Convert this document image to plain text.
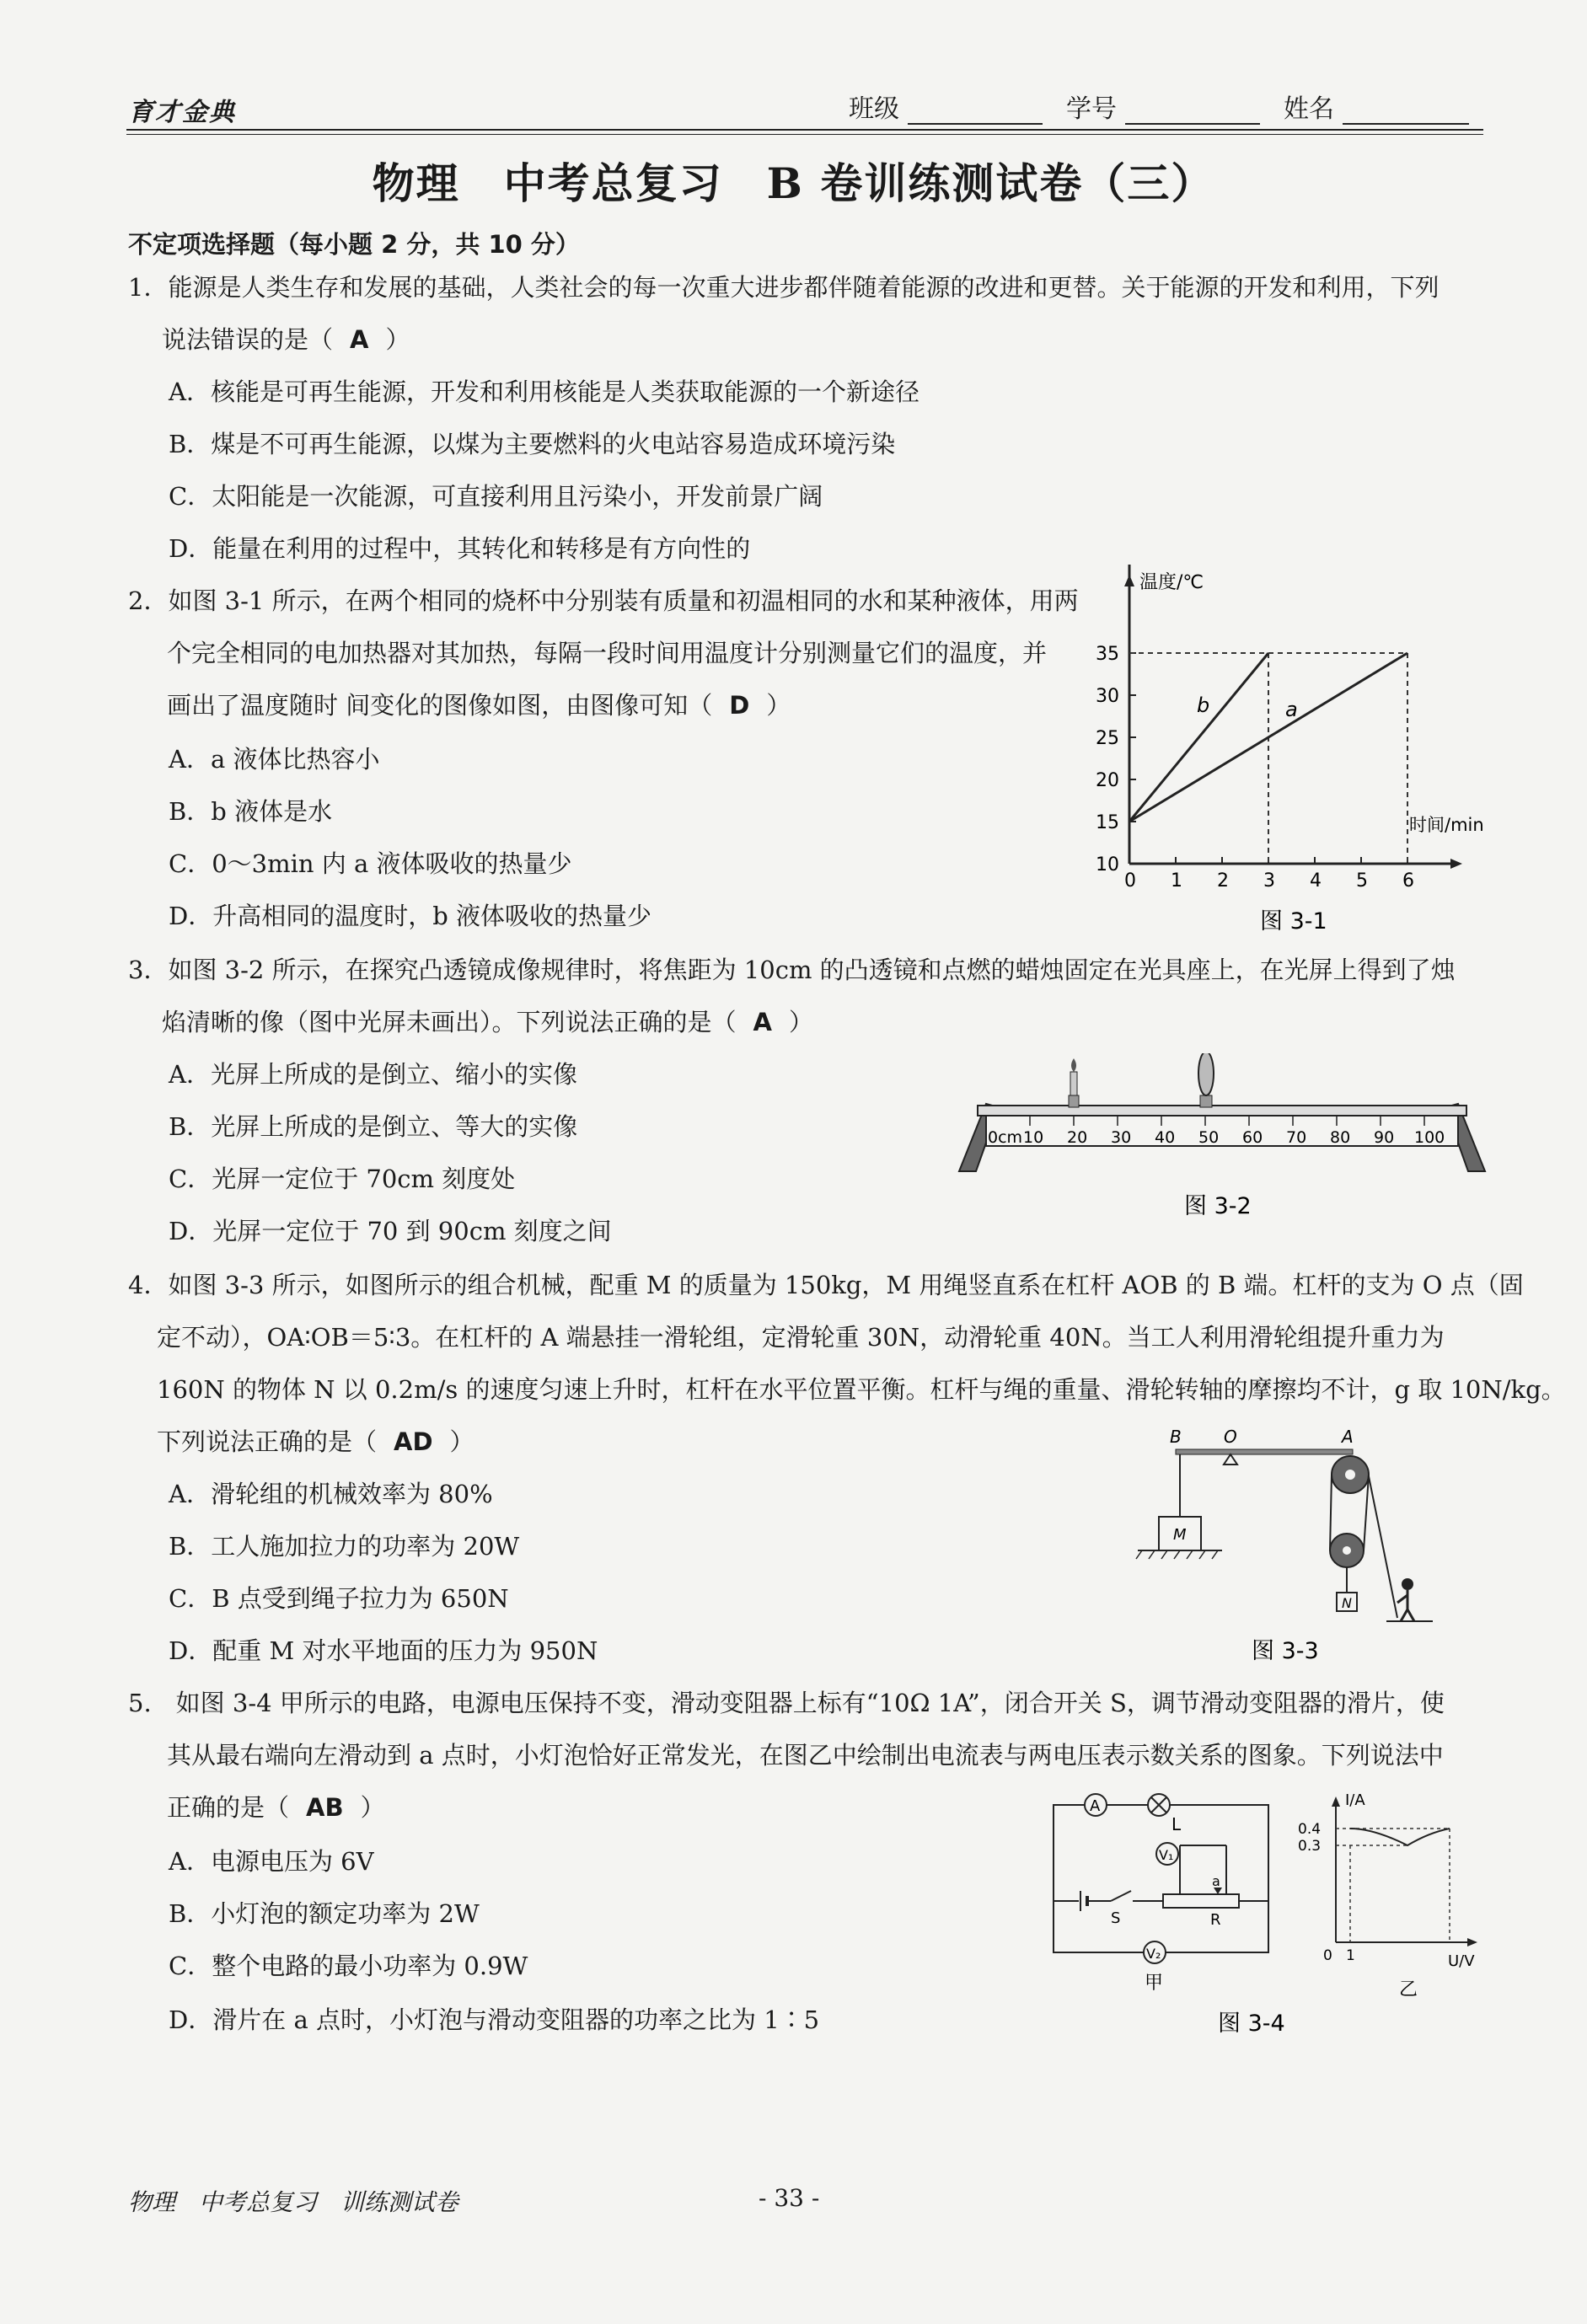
育才金典	班级	学号	姓名
物理　中考总复习　B 卷训练测试卷（三）
不定项选择题（每小题 2 分，共 10 分）
1．能源是人类生存和发展的基础，人类社会的每一次重大进步都伴随着能源的改进和更替。关于能源的开发和利用，下列
说法错误的是（ A ）
A．核能是可再生能源，开发和利用核能是人类获取能源的一个新途径
B．煤是不可再生能源，以煤为主要燃料的火电站容易造成环境污染
C．太阳能是一次能源，可直接利用且污染小，开发前景广阔
D．能量在利用的过程中，其转化和转移是有方向性的
2．如图 3-1 所示，在两个相同的烧杯中分别装有质量和初温相同的水和某种液体，用两
个完全相同的电加热器对其加热，每隔一段时间用温度计分别测量它们的温度，并
画出了温度随时 间变化的图像如图，由图像可知（ D ）
A．a 液体比热容小
B．b 液体是水
C．0～3min 内 a 液体吸收的热量少
D．升高相同的温度时，b 液体吸收的热量少
b	a
10
15
20
25
30
35
0 1 2 3 4 5 6
温度/℃
时间/min
图 3-1
3．如图 3-2 所示，在探究凸透镜成像规律时，将焦距为 10cm 的凸透镜和点燃的蜡烛固定在光具座上，在光屏上得到了烛
焰清晰的像（图中光屏未画出）。下列说法正确的是（ A ）
A．光屏上所成的是倒立、缩小的实像
B．光屏上所成的是倒立、等大的实像
C．光屏一定位于 70cm 刻度处
D．光屏一定位于 70 到 90cm 刻度之间
0cm 10 20 30 40 50 60 70 80 90 100
图 3-2
4．如图 3-3 所示，如图所示的组合机械，配重 M 的质量为 150kg，M 用绳竖直系在杠杆 AOB 的 B 端。杠杆的支为 O 点（固
定不动），OA∶OB＝5∶3。在杠杆的 A 端悬挂一滑轮组，定滑轮重 30N，动滑轮重 40N。当工人利用滑轮组提升重力为
160N 的物体 N 以 0.2m/s 的速度匀速上升时，杠杆在水平位置平衡。杠杆与绳的重量、滑轮转轴的摩擦均不计，g 取 10N/kg。
下列说法正确的是（ AD ）
A．滑轮组的机械效率为 80%
B．工人施加拉力的功率为 20W
C．B 点受到绳子拉力为 650N
D．配重 M 对水平地面的压力为 950N
B	O	A
M
N
图 3-3
5.　如图 3-4 甲所示的电路，电源电压保持不变，滑动变阻器上标有“10Ω 1A”，闭合开关 S，调节滑动变阻器的滑片，使
其从最右端向左滑动到 a 点时，小灯泡恰好正常发光，在图乙中绘制出电流表与两电压表示数关系的图象。下列说法中
正确的是（ AB ）
A．电源电压为 6V
B．小灯泡的额定功率为 2W
C．整个电路的最小功率为 0.9W
D．滑片在 a 点时，小灯泡与滑动变阻器的功率之比为 1∶5
A
L
V₁
S
a
R
V₂
甲
I/A
0.4
0.3
0 1	U/V
乙
图 3-4
物理　中考总复习　训练测试卷	- 33 -
